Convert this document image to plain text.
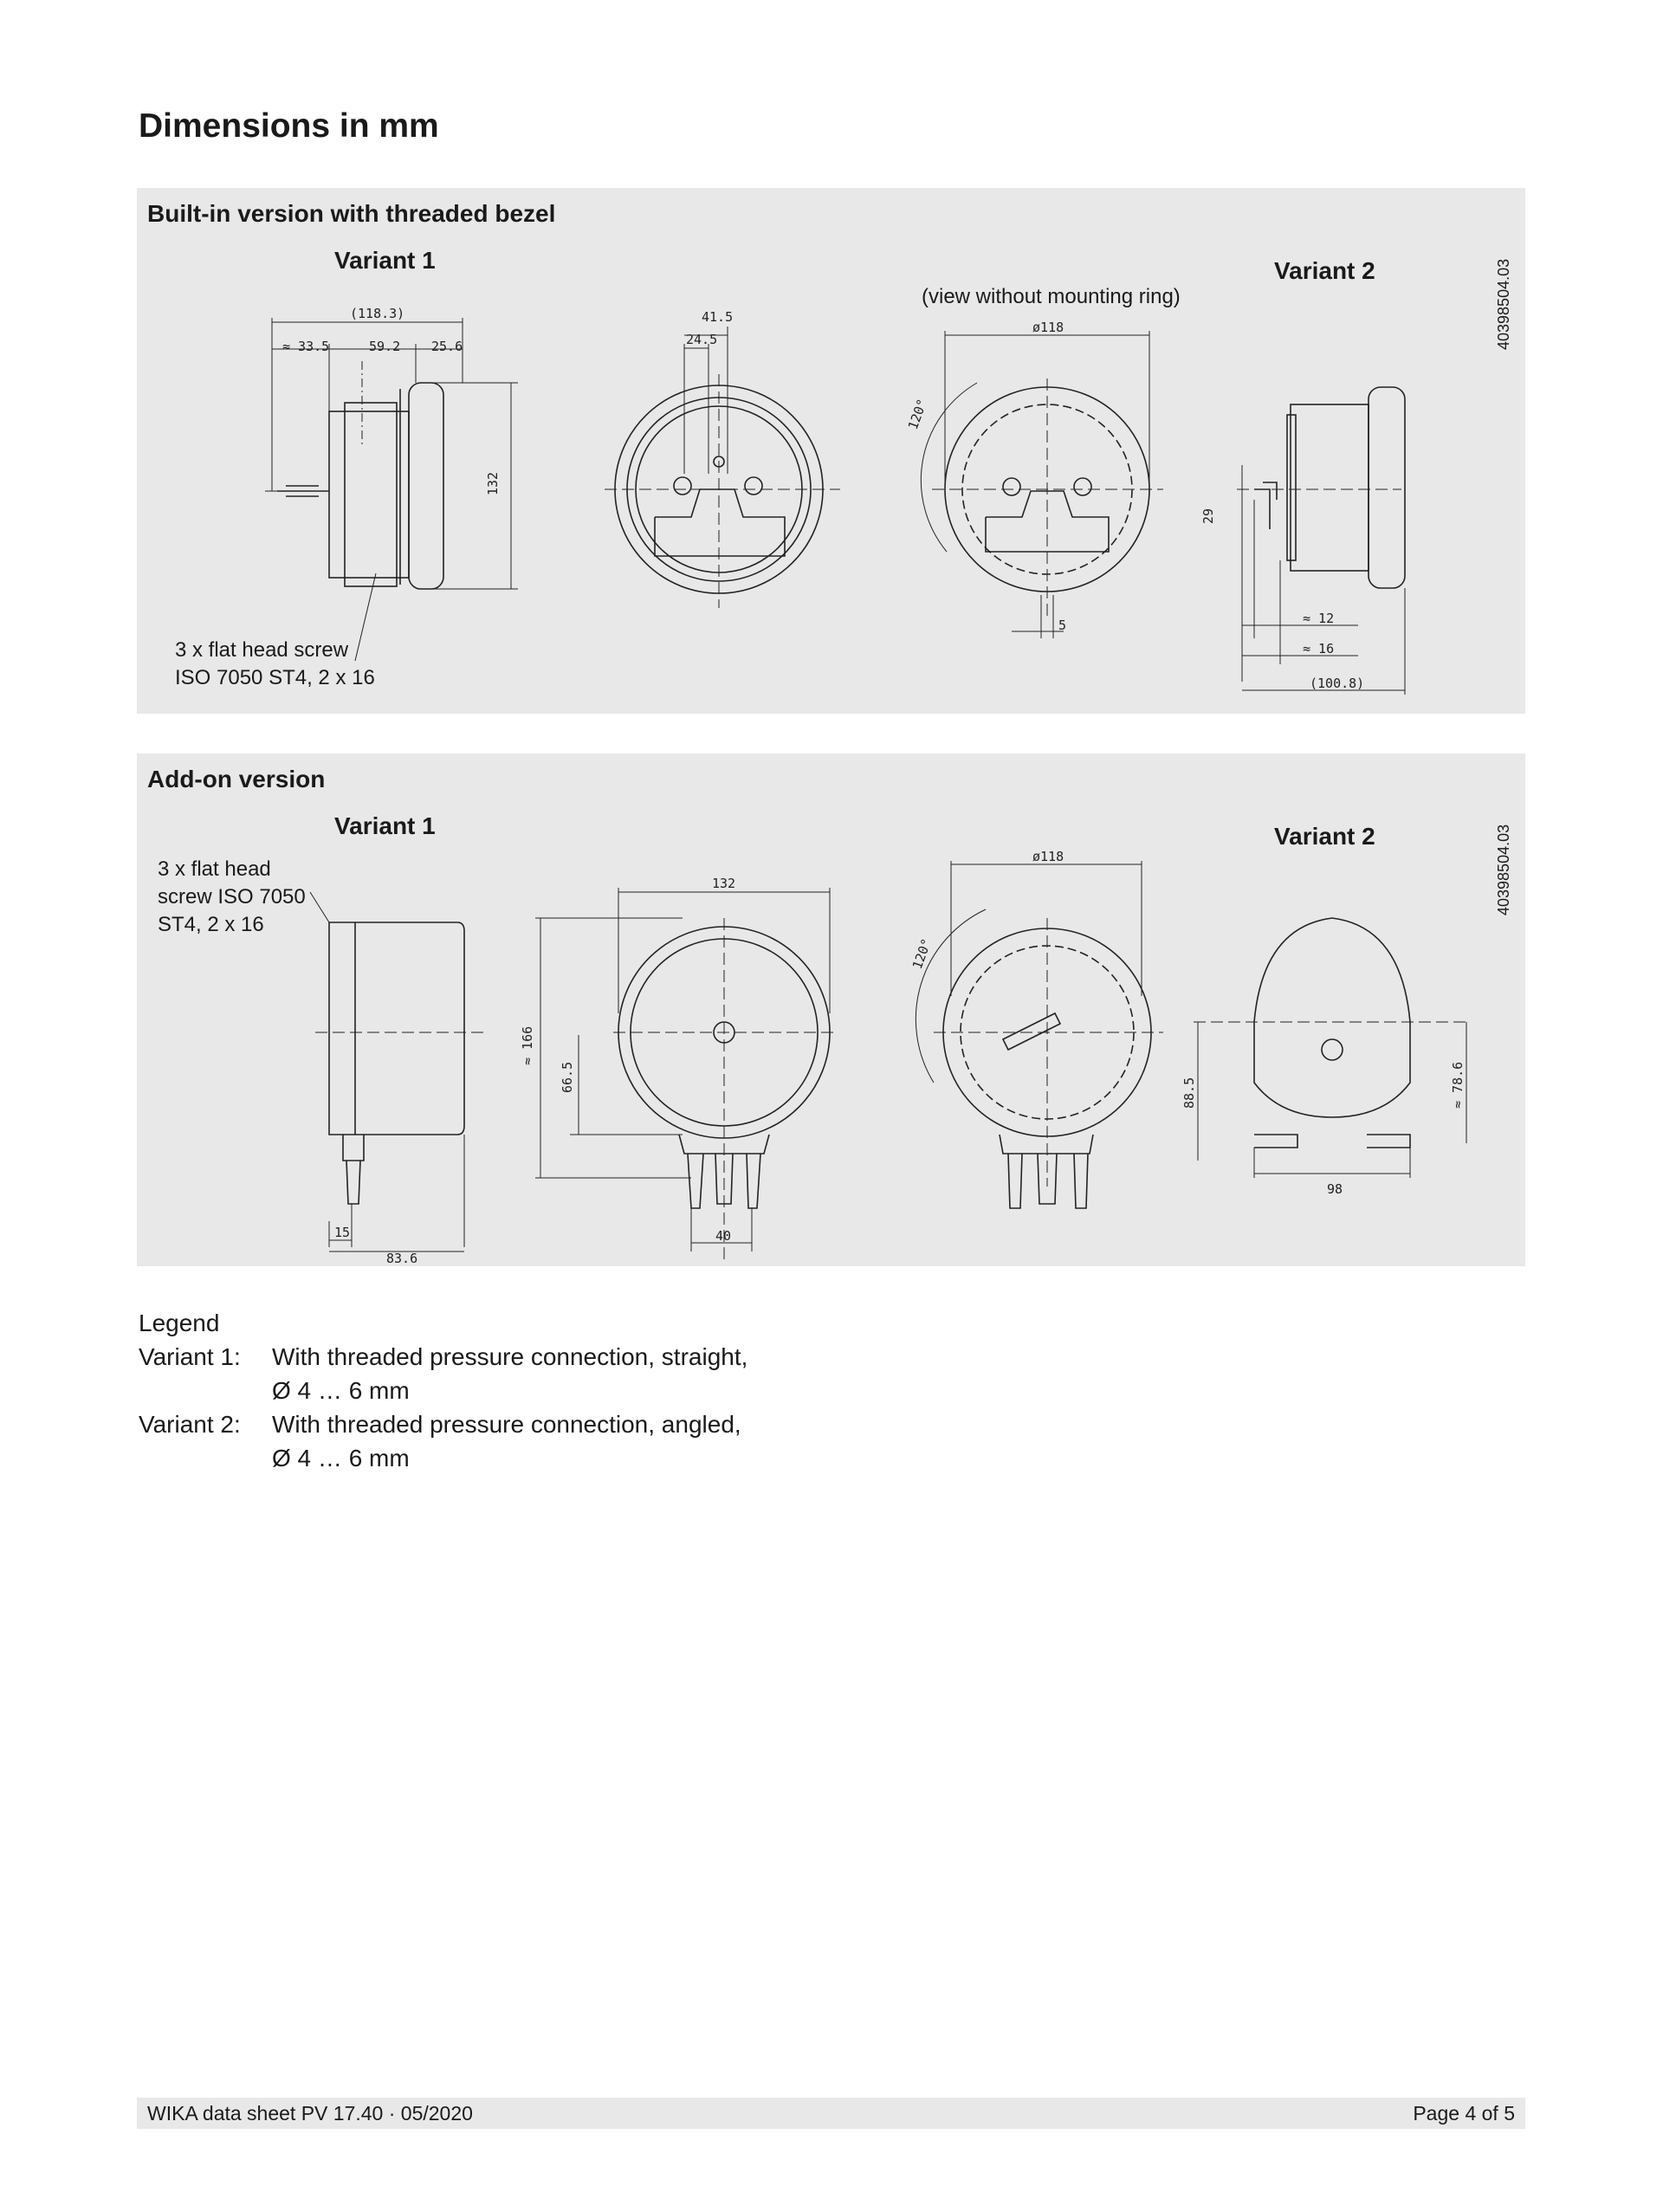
Dimensions in mm
Built-in version with threaded bezel
Variant 1	Variant 2
(view without mounting ring)	40398504.03
3 x flat head screw
ISO 7050 ST4, 2 x 16
(118.3)
≈ 33.5	59.2 25.6
132
41.5
24.5
ø118
120°
5
29
≈ 12
≈ 16
(100.8)
Add-on version
Variant 1	Variant 2	40398504.03
3 x flat head
screw ISO 7050
ST4, 2 x 16
132
≈ 166
66.5
40
15
83.6
ø118
120°
88.5	≈ 78.6
98
Legend
Variant 1:	With threaded pressure connection, straight,
Ø 4 … 6 mm
Variant 2:	With threaded pressure connection, angled,
Ø 4 … 6 mm
WIKA data sheet PV 17.40 · 05/2020	Page 4 of 5
